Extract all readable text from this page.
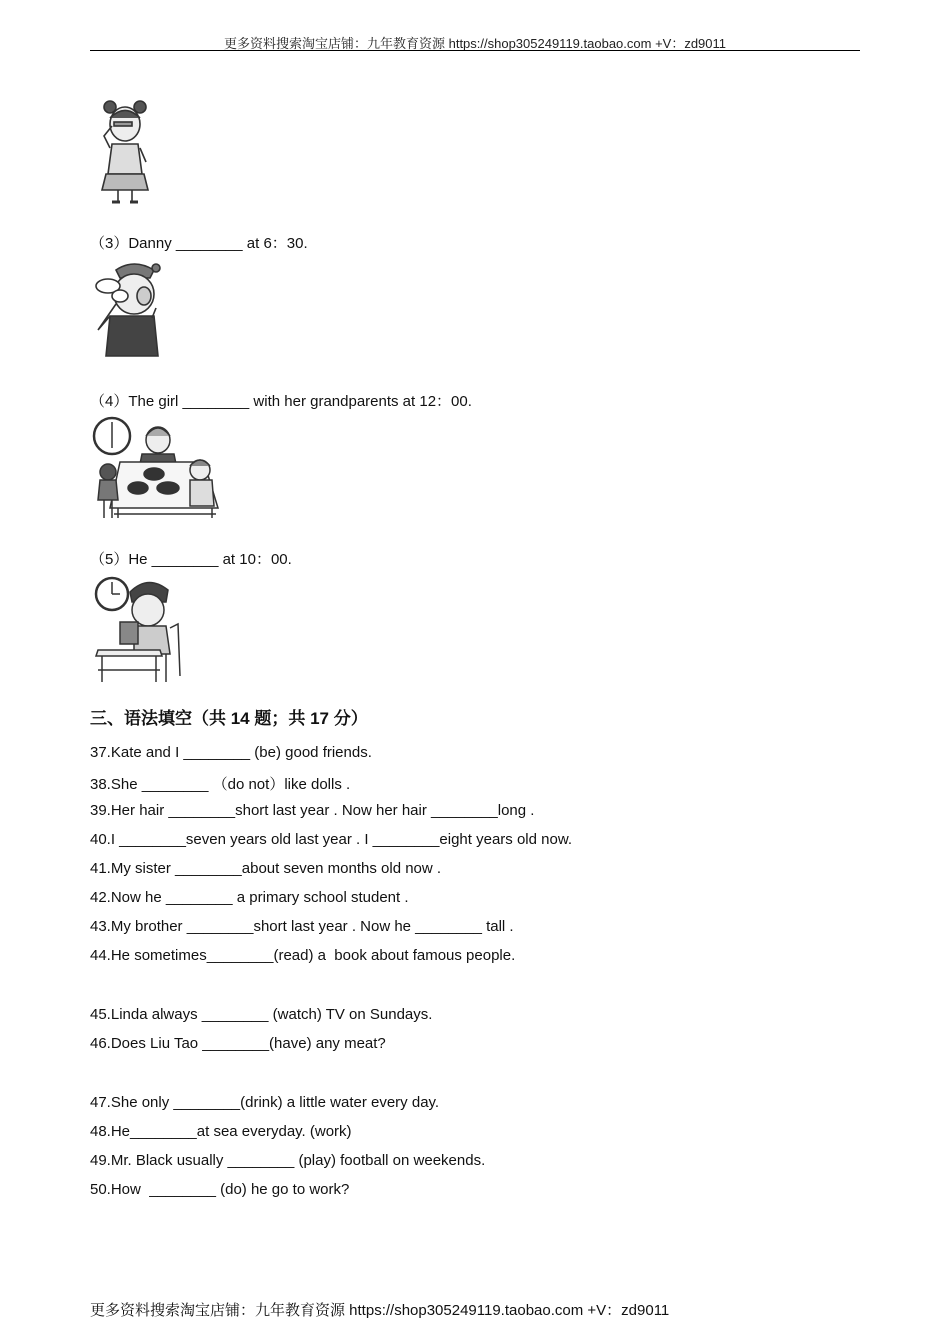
更多资料搜索淘宝店铺：九年教育资源 https://shop305249119.taobao.com +V：zd9011
（3）Danny ________ at 6：30.
（4）The girl ________ with her grandparents at 12：00.
（5）He ________ at 10：00.
三、语法填空（共 14 题；共 17 分）
37.Kate and I ________ (be) good friends.
38.She ________ （do not）like dolls .
39.Her hair ________short last year . Now her hair ________long .
40.I ________seven years old last year . I ________eight years old now.
41.My sister ________about seven months old now .
42.Now he ________ a primary school student .
43.My brother ________short last year . Now he ________ tall .
44.He sometimes________(read) a  book about famous people.
45.Linda always ________ (watch) TV on Sundays.
46.Does Liu Tao ________(have) any meat?
47.She only ________(drink) a little water every day.
48.He________at sea everyday. (work)
49.Mr. Black usually ________ (play) football on weekends.
50.How  ________ (do) he go to work?
更多资料搜索淘宝店铺：九年教育资源 https://shop305249119.taobao.com +V：zd9011
